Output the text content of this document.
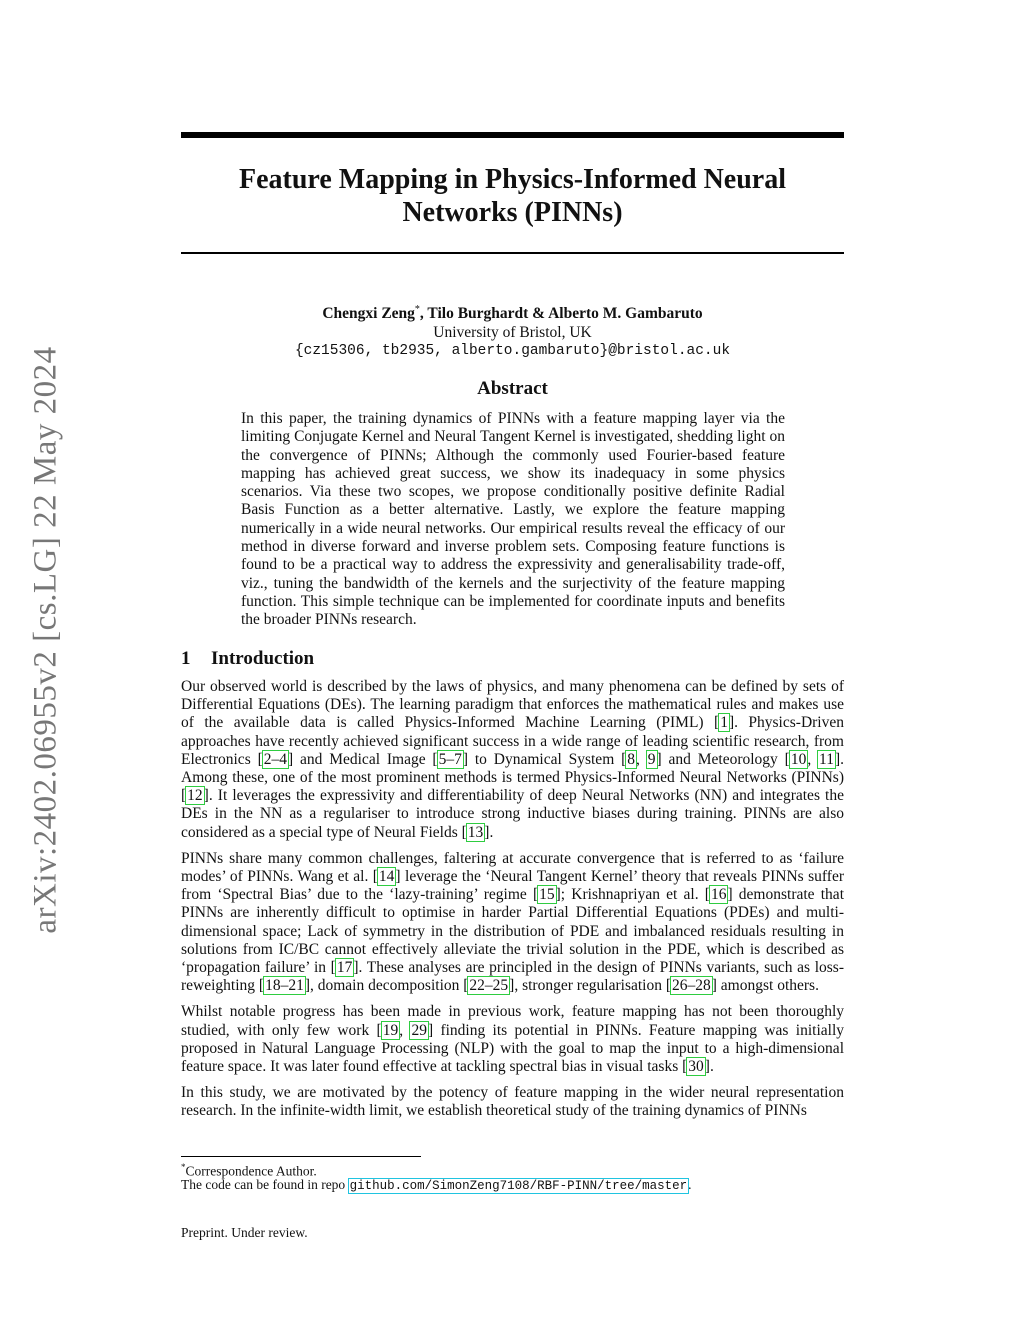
arXiv:2402.06955v2 [cs.LG] 22 May 2024
Feature Mapping in Physics-Informed Neural
Networks (PINNs)
Chengxi Zeng*, Tilo Burghardt & Alberto M. Gambaruto
University of Bristol, UK
{cz15306, tb2935, alberto.gambaruto}@bristol.ac.uk
Abstract

In this paper, the training dynamics of PINNs with a feature mapping layer via the limiting Conjugate Kernel and Neural Tangent Kernel is investigated, shedding light on the convergence of PINNs; Although the commonly used Fourier-based feature mapping has achieved great success, we show its inadequacy in some physics scenarios. Via these two scopes, we propose conditionally positive definite Radial Basis Function as a better alternative. Lastly, we explore the feature mapping numerically in a wide neural networks. Our empirical results reveal the efficacy of our method in diverse forward and inverse problem sets. Composing feature functions is found to be a practical way to address the expressivity and generalisability trade-off, viz., tuning the bandwidth of the kernels and the surjectivity of the feature mapping function. This simple technique can be implemented for coordinate inputs and benefits the broader PINNs research.

1 Introduction

Our observed world is described by the laws of physics, and many phenomena can be defined by sets of Differential Equations (DEs). The learning paradigm that enforces the mathematical rules and makes use of the available data is called Physics-Informed Machine Learning (PIML) [1]. Physics-Driven approaches have recently achieved significant success in a wide range of leading scientific research, from Electronics [2–4] and Medical Image [5–7] to Dynamical System [8, 9] and Meteorology [10, 11]. Among these, one of the most prominent methods is termed Physics-Informed Neural Networks (PINNs) [12]. It leverages the expressivity and differentiability of deep Neural Networks (NN) and integrates the DEs in the NN as a regulariser to introduce strong inductive biases during training. PINNs are also considered as a special type of Neural Fields [13].

PINNs share many common challenges, faltering at accurate convergence that is referred to as ‘failure modes’ of PINNs. Wang et al. [14] leverage the ‘Neural Tangent Kernel’ theory that reveals PINNs suffer from ‘Spectral Bias’ due to the ‘lazy-training’ regime [15]; Krishnapriyan et al. [16] demonstrate that PINNs are inherently difficult to optimise in harder Partial Differential Equations (PDEs) and multi-dimensional space; Lack of symmetry in the distribution of PDE and imbalanced residuals resulting in solutions from IC/BC cannot effectively alleviate the trivial solution in the PDE, which is described as ‘propagation failure’ in [17]. These analyses are principled in the design of PINNs variants, such as loss-reweighting [18–21], domain decomposition [22–25], stronger regularisation [26–28] amongst others.

Whilst notable progress has been made in previous work, feature mapping has not been thoroughly studied, with only few work [19, 29] finding its potential in PINNs. Feature mapping was initially proposed in Natural Language Processing (NLP) with the goal to map the input to a high-dimensional feature space. It was later found effective at tackling spectral bias in visual tasks [30].

In this study, we are motivated by the potency of feature mapping in the wider neural representation research. In the infinite-width limit, we establish theoretical study of the training dynamics of PINNs

*Correspondence Author.
The code can be found in repo github.com/SimonZeng7108/RBF-PINN/tree/master.
Preprint. Under review.
